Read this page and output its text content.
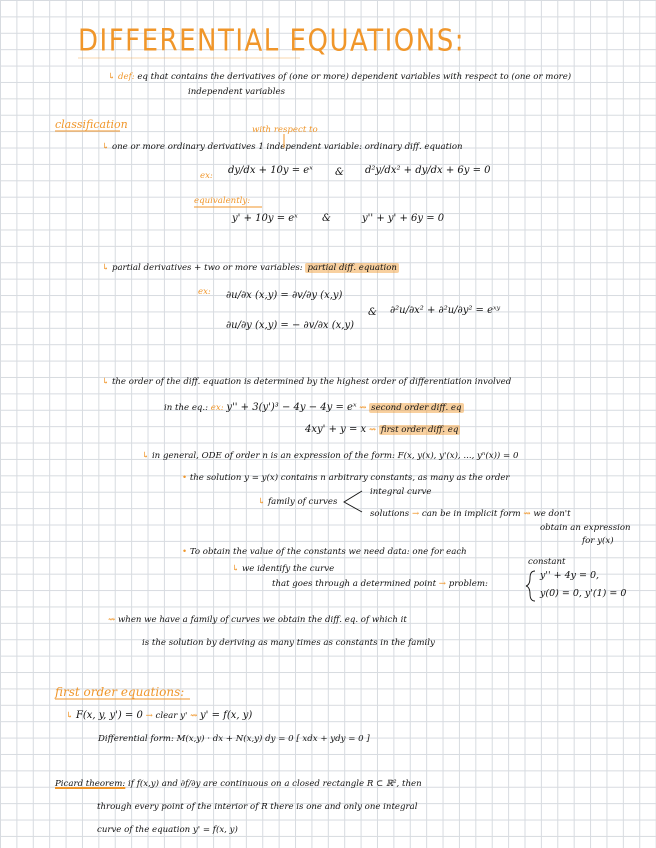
DIFFERENTIAL EQUATIONS:
↳ def: eq that contains the derivatives of (one or more) dependent variables with respect to (one or more)
independent variables
classification	with respect to
↳ one or more ordinary derivatives 1 independent variable: ordinary diff. equation
ex: dy/dx + 10y = eˣ & d²y/dx² + dy/dx + 6y = 0
equivalently:
y' + 10y = eˣ &	y'' + y' + 6y = 0
↳ partial derivatives + two or more variables: partial diff. equation
ex: ∂u/∂x (x,y) = ∂v/∂y (x,y)
∂u/∂y (x,y) = − ∂v/∂x (x,y)
& ∂²u/∂x² + ∂²u/∂y² = eˣʸ
↳ the order of the diff. equation is determined by the highest order of differentiation involved
in the eq.: ex: y'' + 3(y')³ − 4y − 4y = eˣ ⇝ second order diff. eq
4xy' + y = x ⇝ first order diff. eq
↳ in general, ODE of order n is an expression of the form: F(x, y(x), y'(x), ..., yⁿ(x)) = 0
• the solution y = y(x) contains n arbitrary constants, as many as the order
↳ family of curves
integral curve
solutions → can be in implicit form ⇝ we don't
obtain an expression
for y(x)
• To obtain the value of the constants we need data: one for each
constant
↳ we identify the curve
that goes through a determined point → problem:
y'' + 4y = 0,
y(0) = 0, y'(1) = 0
⇝ when we have a family of curves we obtain the diff. eq. of which it
is the solution by deriving as many times as constants in the family
first order equations:
↳ F(x, y, y') = 0 → clear y' ⇝ y' = f(x, y)
Differential form: M(x,y) · dx + N(x,y) dy = 0 [ xdx + ydy = 0 ]
Picard theorem: if f(x,y) and ∂f/∂y are continuous on a closed rectangle R ⊂ ℝ², then
through every point of the interior of R there is one and only one integral
curve of the equation y' = f(x, y)
